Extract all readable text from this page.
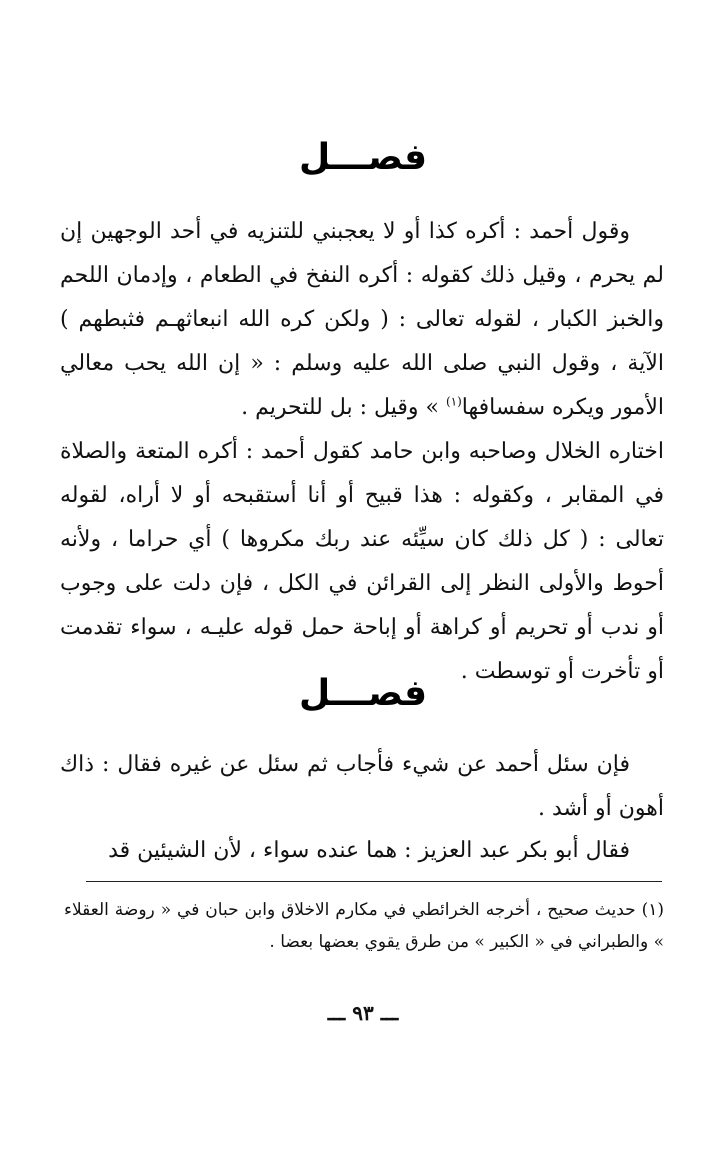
فصـــل

وقول أحمد : أكره كذا أو لا يعجبني للتنزيه في أحد الوجهين إن لم يحرم ، وقيل ذلك كقوله : أكره النفخ في الطعام ، وإدمان اللحم والخبز الكبار ، لقوله تعالى : ( ولكن كره الله انبعاثهـم فثبطهم ) الآية ، وقول النبي صلى الله عليه وسلم : « إن الله يحب معالي الأمور ويكره سفسافها$^{(١)}$ » وقيل : بل للتحريم .

اختاره الخلال وصاحبه وابن حامد كقول أحمد : أكره المتعة والصلاة في المقابر ، وكقوله : هذا قبيح أو أنا أستقبحه أو لا أراه، لقوله تعالى : ( كل ذلك كان سيِّئه عند ربك مكروها ) أي حراما ، ولأنه أحوط والأولى النظر إلى القرائن في الكل ، فإن دلت على وجوب أو ندب أو تحريم أو كراهة أو إباحة حمل قوله عليـه ، سواء تقدمت أو تأخرت أو توسطت .

فصـــل

فإن سئل أحمد عن شيء فأجاب ثم سئل عن غيره فقال : ذاك أهون أو أشد .

فقال أبو بكر عبد العزيز : هما عنده سواء ، لأن الشيئين قد

(١) حديث صحيح ، أخرجه الخرائطي في مكارم الاخلاق وابن حبان في « روضة العقلاء » والطبراني في « الكبير » من طرق يقوي بعضها بعضا .
ـــ ٩٣ ـــ
